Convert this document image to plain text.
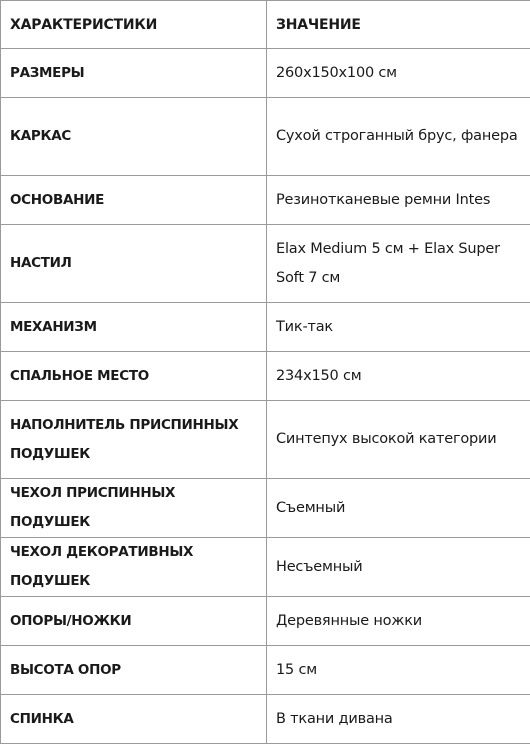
ХАРАКТЕРИСТИКИ	ЗНАЧЕНИЕ
РАЗМЕРЫ	260х150х100 см
КАРКАС	Сухой строганный брус, фанера
ОСНОВАНИЕ	Резинотканевые ремни Intes
НАСТИЛ	Elax Medium 5 см + Elax Super Soft 7 см
МЕХАНИЗМ	Тик-так
СПАЛЬНОЕ МЕСТО	234х150 см
НАПОЛНИТЕЛЬ ПРИСПИННЫХ ПОДУШЕК	Синтепух высокой категории
ЧЕХОЛ ПРИСПИННЫХ ПОДУШЕК	Съемный
ЧЕХОЛ ДЕКОРАТИВНЫХ ПОДУШЕК	Несъемный
ОПОРЫ/НОЖКИ	Деревянные ножки
ВЫСОТА ОПОР	15 см
СПИНКА	В ткани дивана
